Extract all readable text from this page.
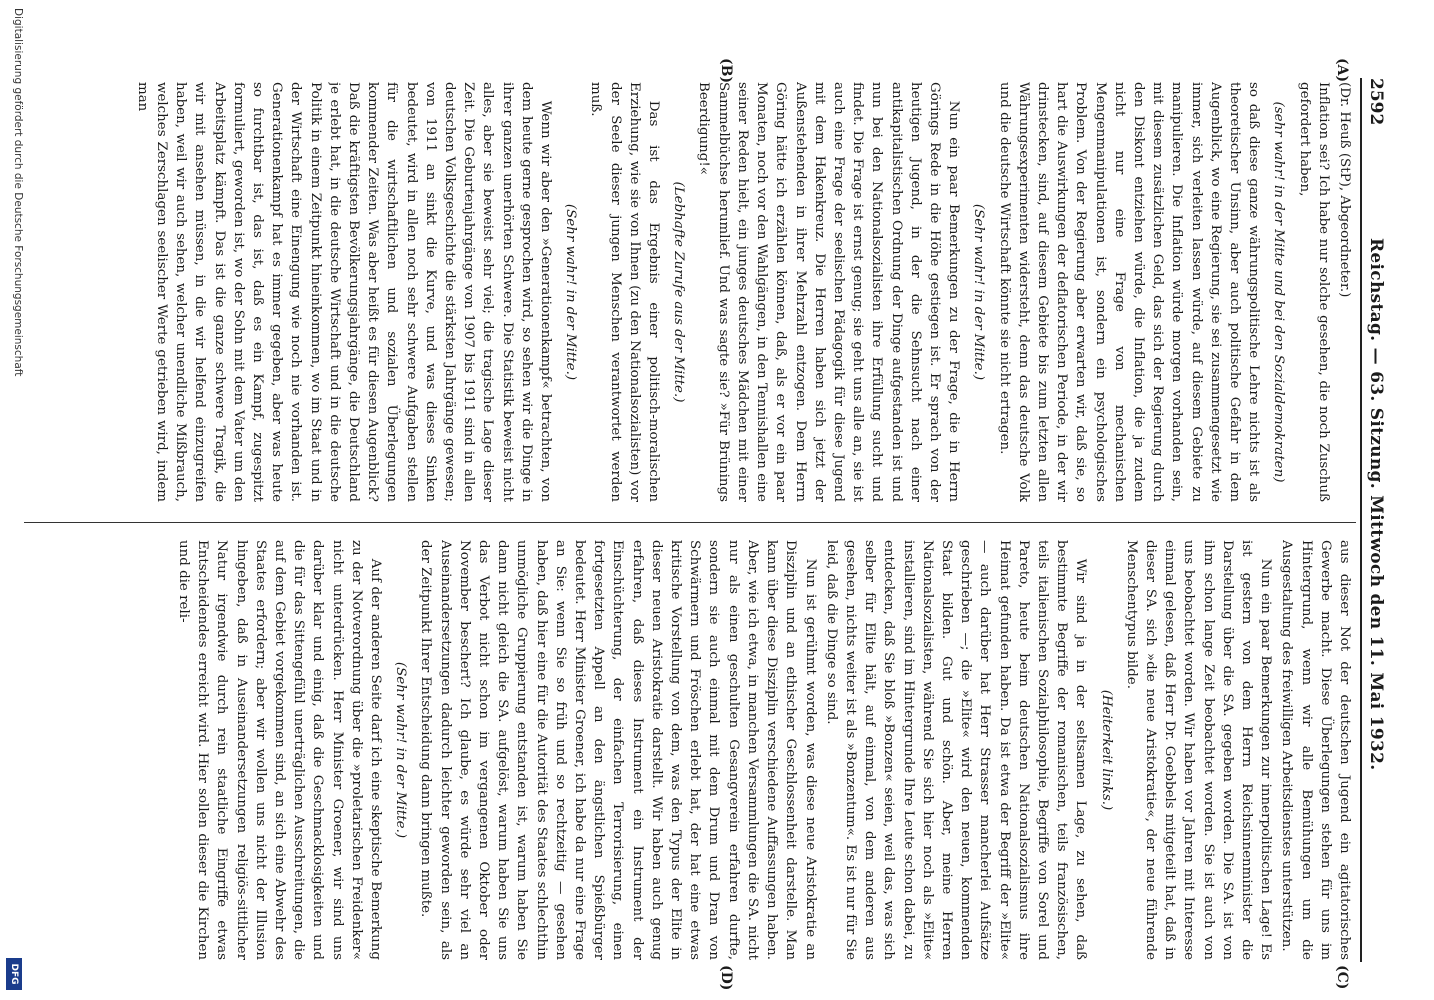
2592
Reichstag. — 63. Sitzung. Mittwoch den 11. Mai 1932.
(A)
(B)
(C)
(D)

(Dr. Heuß (StP), Abgeordneter.)

Inflation sei? Ich habe nur solche gesehen, die noch Zuschuß gefordert haben,

(sehr wahr! in der Mitte und bei den Sozialdemokraten)

so daß diese ganze währungspolitische Lehre nichts ist als theoretischer Unsinn, aber auch politische Gefahr in dem Augenblick, wo eine Regierung, sie sei zusammengesetzt wie immer, sich verleiten lassen würde, auf diesem Gebiete zu manipulieren. Die Inflation würde morgen vorhanden sein, mit diesem zusätzlichen Geld, das sich der Regierung durch den Diskont entziehen würde, die Inflation, die ja zudem nicht nur eine Frage von mechanischen Mengenmanipulationen ist, sondern ein psychologisches Problem. Von der Regierung aber erwarten wir, daß sie, so hart die Auswirkungen der deflatorischen Periode, in der wir drinstecken, sind, auf diesem Gebiete bis zum letzten allen Währungsexperimenten widersteht, denn das deutsche Volk und die deutsche Wirtschaft könnte sie nicht ertragen.

(Sehr wahr! in der Mitte.)

Nun ein paar Bemerkungen zu der Frage, die in Herrn Görings Rede in die Höhe gestiegen ist. Er sprach von der heutigen Jugend, in der die Sehnsucht nach einer antikapitalistischen Ordnung der Dinge aufgestanden ist und nun bei den Nationalsozialisten ihre Erfüllung sucht und findet. Die Frage ist ernst genug; sie geht uns alle an, sie ist auch eine Frage der seelischen Pädagogik für diese Jugend mit dem Hakenkreuz. Die Herren haben sich jetzt der Außenstehenden in ihrer Mehrzahl entzogen. Dem Herrn Göring hätte ich erzählen können, daß, als er vor ein paar Monaten, noch vor den Wahlgängen, in den Tennishallen eine seiner Reden hielt, ein junges deutsches Mädchen mit einer Sammelbüchse herumlief. Und was sagte sie? »Für Brünings Beerdigung!«

(Lebhafte Zurufe aus der Mitte.)

Das ist das Ergebnis einer politisch-moralischen Erziehung, wie sie von Ihnen (zu den Nationalsozialisten) vor der Seele dieser jungen Menschen verantwortet werden muß.

(Sehr wahr! in der Mitte.)

Wenn wir aber den »Generationenkampf« betrachten, von dem heute gerne gesprochen wird, so sehen wir die Dinge in ihrer ganzen unerhörten Schwere. Die Statistik beweist nicht alles, aber sie beweist sehr viel; die tragische Lage dieser Zeit. Die Geburtenjahrgänge von 1907 bis 1911 sind in allen deutschen Volksgeschichte die stärksten Jahrgänge gewesen; von 1911 an sinkt die Kurve, und was dieses Sinken bedeutet, wird in allen noch sehr schwere Aufgaben stellen für die wirtschaftlichen und sozialen Überlegungen kommender Zeiten. Was aber heißt es für diesen Augenblick? Daß die kräftigsten Bevölkerungsjahrgänge, die Deutschland je erlebt hat, in die deutsche Wirtschaft und in die deutsche Politik in einem Zeitpunkt hineinkommen, wo im Staat und in der Wirtschaft eine Einengung wie noch nie vorhanden ist. Generationenkampf hat es immer gegeben, aber was heute so furchtbar ist, das ist, daß es ein Kampf, zugespitzt formuliert, geworden ist, wo der Sohn mit dem Vater um den Arbeitsplatz kämpft. Das ist die ganze schwere Tragik, die wir mit ansehen müssen, in die wir helfend einzugreifen haben, weil wir auch sehen, welcher unendliche Mißbrauch, welches Zerschlagen seelischer Werte getrieben wird, indem man

aus dieser Not der deutschen Jugend ein agitatorisches Gewerbe macht. Diese Überlegungen stehen für uns im Hintergrund, wenn wir alle Bemühungen um die Ausgestaltung des freiwilligen Arbeitsdienstes unterstützen.

Nun ein paar Bemerkungen zur innerpolitischen Lage! Es ist gestern von dem Herrn Reichsinnenminister die Darstellung über die SA. gegeben worden. Die SA. ist von ihm schon lange Zeit beobachtet worden. Sie ist auch von uns beobachtet worden. Wir haben vor Jahren mit Interesse einmal gelesen, daß Herr Dr. Goebbels mitgeteilt hat, daß in dieser SA. sich »die neue Aristokratie«, der neue führende Menschentypus bilde.

(Heiterkeit links.)

Wir sind ja in der seltsamen Lage, zu sehen, daß bestimmte Begriffe der romanischen, teils französischen, teils italienischen Sozialphilosophie, Begriffe von Sorel und Pareto, heute beim deutschen Nationalsozialismus ihre Heimat gefunden haben. Da ist etwa der Begriff der »Elite« — auch darüber hat Herr Strasser mancherlei Aufsätze geschrieben —; die »Elite« wird den neuen, kommenden Staat bilden. Gut und schön. Aber, meine Herren Nationalsozialisten, während Sie sich hier noch als »Elite« installieren, sind im Hintergrunde Ihre Leute schon dabei, zu entdecken, daß Sie bloß »Bonzen« seien, weil das, was sich selber für Elite hält, auf einmal, von dem anderen aus gesehen, nichts weiter ist als »Bonzentum«. Es ist nur für Sie leid, daß die Dinge so sind.

Nun ist gerühmt worden, was diese neue Aristokratie an Disziplin und an ethischer Geschlossenheit darstelle. Man kann über diese Disziplin verschiedene Auffassungen haben. Aber, wie ich etwa, in manchen Versammlungen die SA. nicht nur als einen geschulten Gesangverein erfahren durfte, sondern sie auch einmal mit dem Drum und Dran von Schwärmern und Fröschen erlebt hat, der hat eine etwas kritische Vorstellung von dem, was den Typus der Elite in dieser neuen Aristokratie darstellt. Wir haben auch genug erfahren, daß dieses Instrument ein Instrument der Einschüchterung, der einfachen Terrorisierung, einen fortgesetzten Appell an den ängstlichen Spießbürger bedeutet. Herr Minister Groener, ich habe da nur eine Frage an Sie: wenn Sie so früh und so rechtzeitig — gesehen haben, daß hier eine für die Autorität des Staates schlechthin unmögliche Gruppierung entstanden ist, warum haben Sie dann nicht gleich die SA. aufgelöst, warum haben Sie uns das Verbot nicht schon im vergangenen Oktober oder November beschert? Ich glaube, es würde sehr viel an Auseinandersetzungen dadurch leichter geworden sein, als der Zeitpunkt Ihrer Entscheidung dann bringen mußte.

(Sehr wahr! in der Mitte.)

Auf der anderen Seite darf ich eine skeptische Bemerkung zu der Notverordnung über die »proletarischen Freidenker« nicht unterdrücken. Herr Minister Groener, wir sind uns darüber klar und einig, daß die Geschmacklosigkeiten und die für das Sittengefühl unerträglichen Ausschreitungen, die auf dem Gebiet vorgekommen sind, an sich eine Abwehr des Staates erfordern; aber wir wollen uns nicht der Illusion hingeben, daß in Auseinandersetzungen religiös-sittlicher Natur irgendwie durch rein staatliche Eingriffe etwas Entscheidendes erreicht wird. Hier sollen dieser die Kirchen und die reli-

Digitalisierung gefördert durch die Deutsche Forschungsgemeinschaft
DFG
